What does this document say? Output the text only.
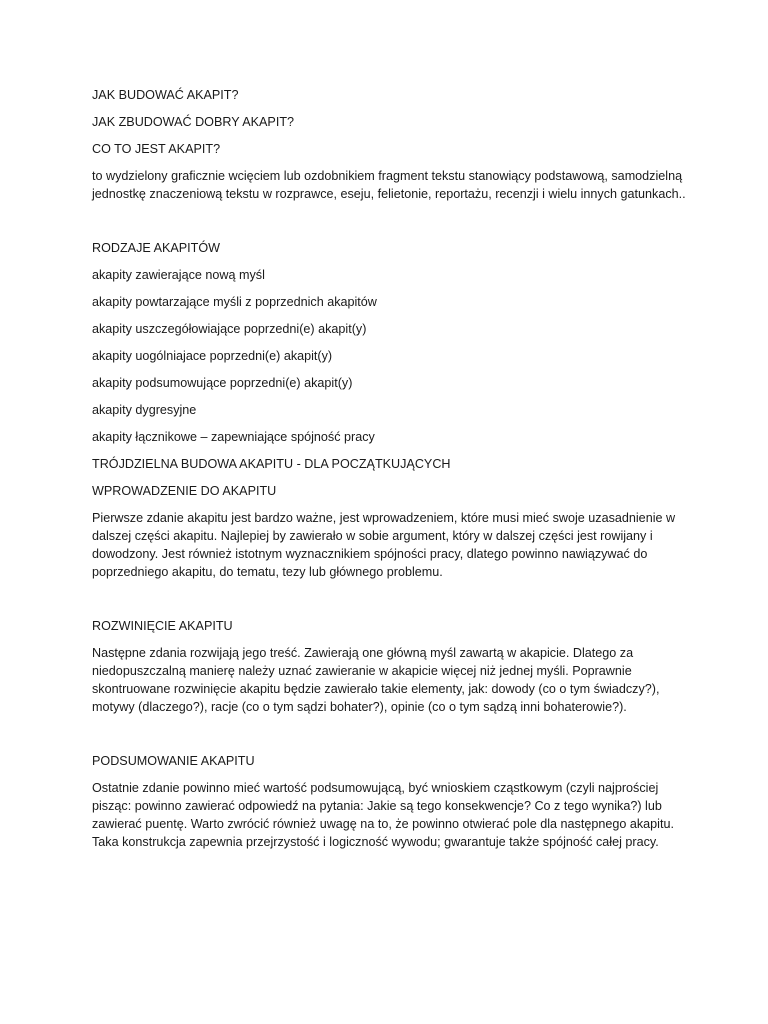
JAK BUDOWAĆ AKAPIT?

JAK ZBUDOWAĆ DOBRY AKAPIT?

CO TO JEST AKAPIT?

to wydzielony graficznie wcięciem lub ozdobnikiem fragment tekstu stanowiący podstawową, samodzielną jednostkę znaczeniową tekstu w rozprawce, eseju, felietonie, reportażu, recenzji i wielu innych gatunkach..

RODZAJE AKAPITÓW

akapity zawierające nową myśl

akapity powtarzające myśli z poprzednich akapitów

akapity uszczegółowiające poprzedni(e) akapit(y)

akapity uogólniajace poprzedni(e) akapit(y)

akapity podsumowujące poprzedni(e) akapit(y)

akapity dygresyjne

akapity łącznikowe – zapewniające spójność pracy

TRÓJDZIELNA BUDOWA AKAPITU - DLA POCZĄTKUJĄCYCH

WPROWADZENIE DO AKAPITU

Pierwsze zdanie akapitu jest bardzo ważne, jest wprowadzeniem, które musi mieć swoje uzasadnienie w dalszej części akapitu. Najlepiej by zawierało w sobie argument, który w dalszej części jest rowijany i dowodzony. Jest również istotnym wyznacznikiem spójności pracy, dlatego powinno nawiązywać do poprzedniego akapitu, do tematu, tezy lub głównego problemu.

ROZWINIĘCIE AKAPITU

Następne zdania rozwijają jego treść. Zawierają one główną myśl zawartą w akapicie. Dlatego za niedopuszczalną manierę należy uznać zawieranie w akapicie więcej niż jednej myśli. Poprawnie skontruowane rozwinięcie akapitu będzie zawierało takie elementy, jak: dowody (co o tym świadczy?), motywy (dlaczego?), racje (co o tym sądzi bohater?), opinie (co o tym sądzą inni bohaterowie?).

PODSUMOWANIE AKAPITU

Ostatnie zdanie powinno mieć wartość podsumowującą, być wnioskiem cząstkowym (czyli najprościej pisząc: powinno zawierać odpowiedź na pytania: Jakie są tego konsekwencje? Co z tego wynika?) lub zawierać puentę. Warto zwrócić również uwagę na to, że powinno otwierać pole dla następnego akapitu. Taka konstrukcja zapewnia przejrzystość i logiczność wywodu; gwarantuje także spójność całej pracy.
